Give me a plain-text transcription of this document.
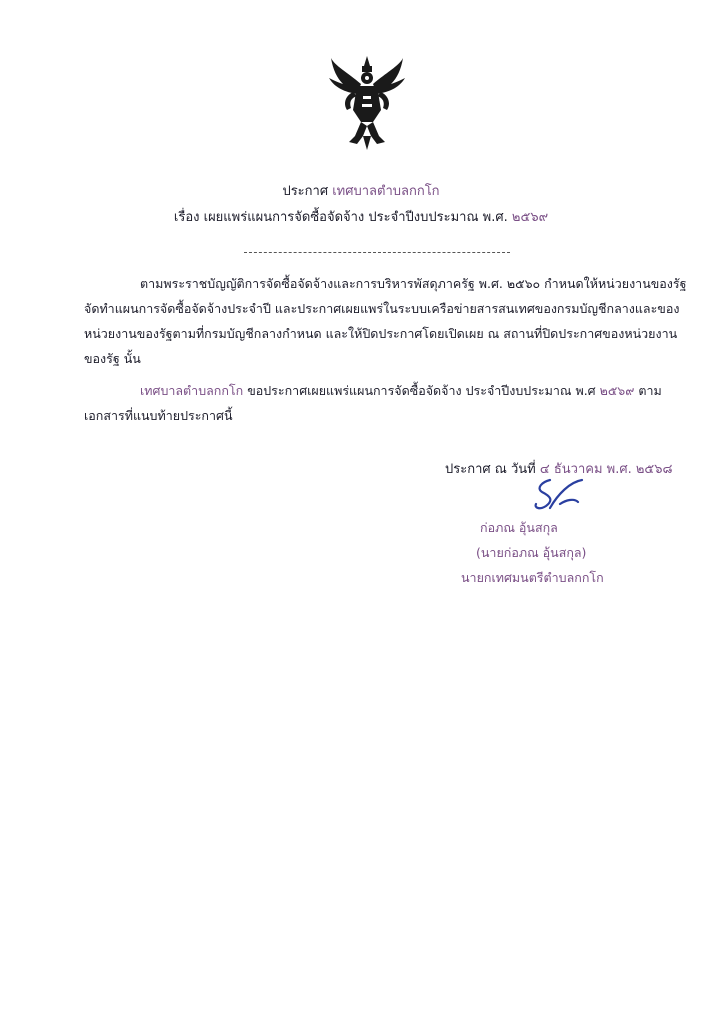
ประกาศ เทศบาลตำบลกกโก
เรื่อง เผยแพร่แผนการจัดซื้อจัดจ้าง ประจำปีงบประมาณ พ.ศ. ๒๕๖๙
ตามพระราชบัญญัติการจัดซื้อจัดจ้างและการบริหารพัสดุภาครัฐ พ.ศ. ๒๕๖๐ กำหนดให้หน่วยงานของรัฐ
จัดทำแผนการจัดซื้อจัดจ้างประจำปี และประกาศเผยแพร่ในระบบเครือข่ายสารสนเทศของกรมบัญชีกลางและของ
หน่วยงานของรัฐตามที่กรมบัญชีกลางกำหนด และให้ปิดประกาศโดยเปิดเผย ณ สถานที่ปิดประกาศของหน่วยงาน
ของรัฐ นั้น
เทศบาลตำบลกกโก ขอประกาศเผยแพร่แผนการจัดซื้อจัดจ้าง ประจำปีงบประมาณ พ.ศ ๒๕๖๙ ตาม
เอกสารที่แนบท้ายประกาศนี้
ประกาศ ณ วันที่ ๔ ธันวาคม พ.ศ. ๒๕๖๘
ก่อภณ อุ้นสกุล
(นายก่อภณ อุ้นสกุล)
นายกเทศมนตรีตำบลกกโก
